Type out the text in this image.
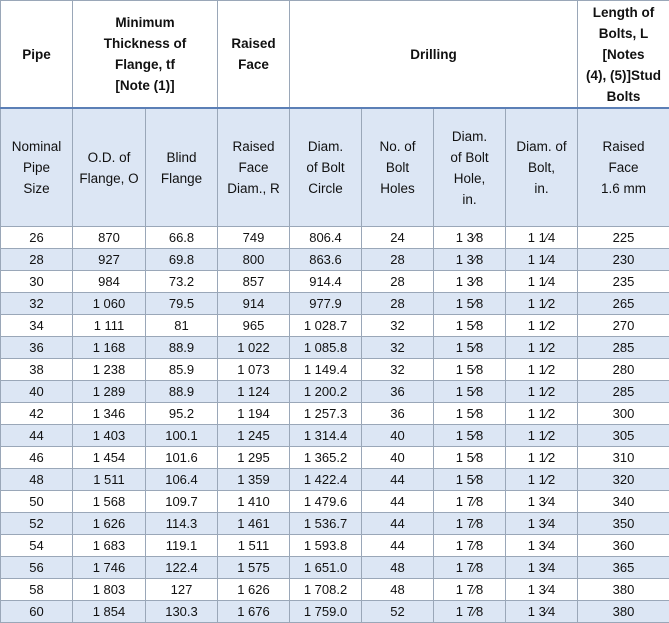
Pipe	Minimum
Thickness of
Flange, tf
[Note (1)]		Raised
Face	Drilling				Length of
Bolts, L
[Notes
(4), (5)]Stud
Bolts

Nominal
Pipe
Size	O.D. of
Flange, O	Blind
Flange	Raised
Face
Diam., R	Diam.
of Bolt
Circle	No. of
Bolt
Holes	Diam.
of Bolt
Hole,
in.	Diam. of
Bolt,
in.	Raised
Face
1.6 mm

26	870	66.8	749	806.4	24	1 3⁄8	1 1⁄4	225
28	927	69.8	800	863.6	28	1 3⁄8	1 1⁄4	230
30	984	73.2	857	914.4	28	1 3⁄8	1 1⁄4	235
32	1 060	79.5	914	977.9	28	1 5⁄8	1 1⁄2	265
34	1 111	81	965	1 028.7	32	1 5⁄8	1 1⁄2	270
36	1 168	88.9	1 022	1 085.8	32	1 5⁄8	1 1⁄2	285
38	1 238	85.9	1 073	1 149.4	32	1 5⁄8	1 1⁄2	280
40	1 289	88.9	1 124	1 200.2	36	1 5⁄8	1 1⁄2	285
42	1 346	95.2	1 194	1 257.3	36	1 5⁄8	1 1⁄2	300
44	1 403	100.1	1 245	1 314.4	40	1 5⁄8	1 1⁄2	305
46	1 454	101.6	1 295	1 365.2	40	1 5⁄8	1 1⁄2	310
48	1 511	106.4	1 359	1 422.4	44	1 5⁄8	1 1⁄2	320
50	1 568	109.7	1 410	1 479.6	44	1 7⁄8	1 3⁄4	340
52	1 626	114.3	1 461	1 536.7	44	1 7⁄8	1 3⁄4	350
54	1 683	119.1	1 511	1 593.8	44	1 7⁄8	1 3⁄4	360
56	1 746	122.4	1 575	1 651.0	48	1 7⁄8	1 3⁄4	365
58	1 803	127	1 626	1 708.2	48	1 7⁄8	1 3⁄4	380
60	1 854	130.3	1 676	1 759.0	52	1 7⁄8	1 3⁄4	380
